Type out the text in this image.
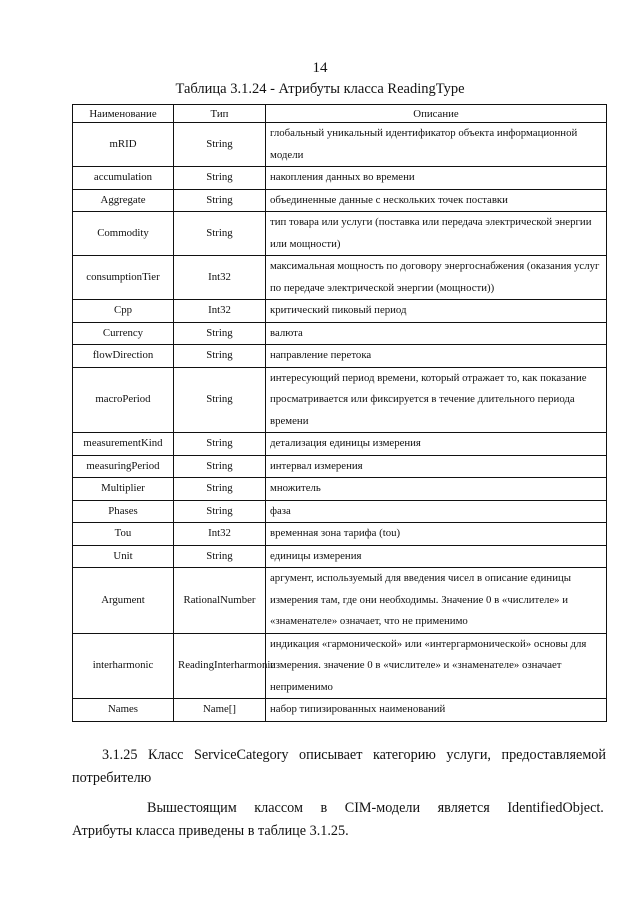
14
Таблица 3.1.24 - Атрибуты класса ReadingType
Наименование	Тип	Описание
mRID	String	глобальный уникальный идентификатор объекта информационной модели
accumulation	String	накопления данных во времени
Aggregate	String	объединенные данные с нескольких точек поставки
Commodity	String	тип товара или услуги (поставка или передача электрической энергии или мощности)
consumptionTier	Int32	максимальная мощность по договору энергоснабжения (оказания услуг по передаче электрической энергии (мощности))
Cpp	Int32	критический пиковый период
Currency	String	валюта
flowDirection	String	направление перетока
macroPeriod	String	интересующий период времени, который отражает то, как показание просматривается или фиксируется в течение длительного периода времени
measurementKind	String	детализация единицы измерения
measuringPeriod	String	интервал измерения
Multiplier	String	множитель
Phases	String	фаза
Tou	Int32	временная зона тарифа (tou)
Unit	String	единицы измерения
Argument	RationalNumber	аргумент, используемый для введения чисел в описание единицы измерения там, где они необходимы. Значение 0 в «числителе» и «знаменателе» означает, что не применимо
interharmonic	ReadingInterharmonic	индикация «гармонической» или «интергармонической» основы для измерения. значение 0 в «числителе» и «знаменателе» означает неприменимо
Names	Name[]	набор типизированных наименований
3.1.25 Класс ServiceCategory описывает категорию услуги, предоставляемой потребителю
Вышестоящим классом в CIM-модели является IdentifiedObject.
Атрибуты класса приведены в таблице 3.1.25.
